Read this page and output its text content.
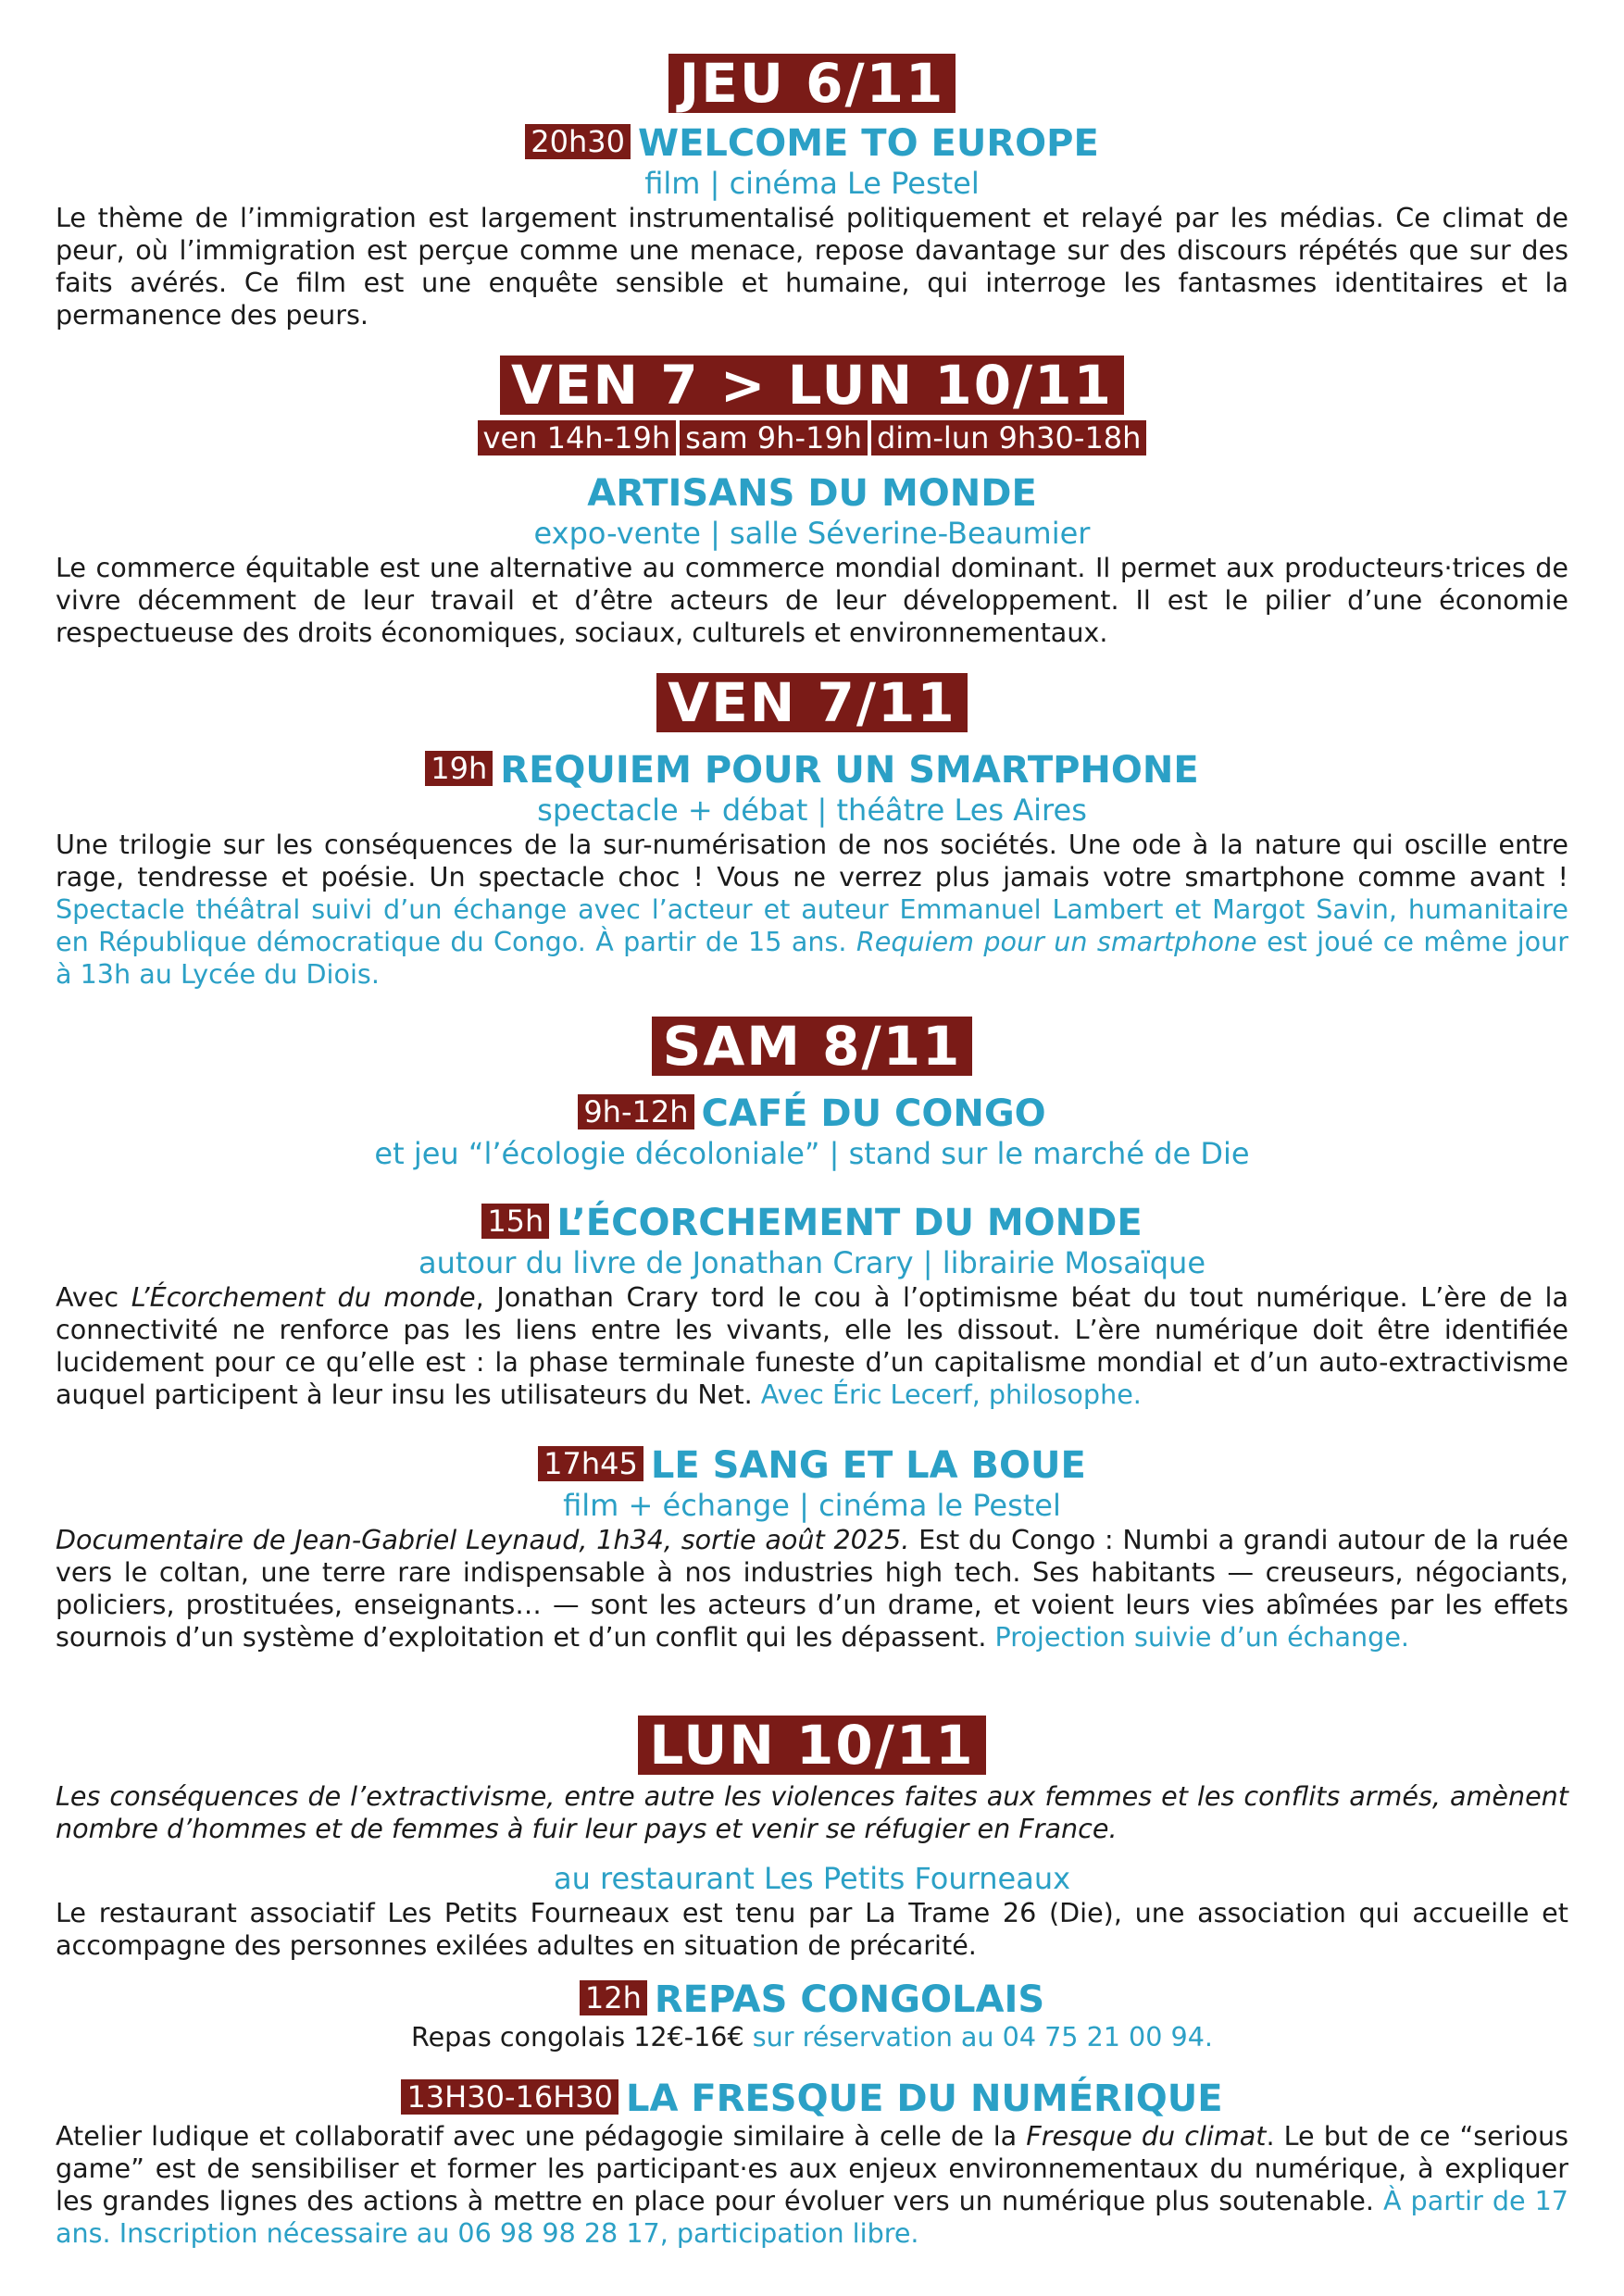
JEU 6/11
20h30 WELCOME TO EUROPE
film | cinéma Le Pestel
Le thème de l’immigration est largement instrumentalisé politiquement et relayé par les médias. Ce climat de peur, où l’immigration est perçue comme une menace, repose davantage sur des discours répétés que sur des faits avérés. Ce film est une enquête sensible et humaine, qui interroge les fantasmes identitaires et la permanence des peurs.
VEN 7 > LUN 10/11
ven 14h-19h sam 9h-19h dim-lun 9h30-18h
ARTISANS DU MONDE
expo-vente | salle Séverine-Beaumier
Le commerce équitable est une alternative au commerce mondial dominant. Il permet aux producteurs·trices de vivre décemment de leur travail et d’être acteurs de leur développement. Il est le pilier d’une économie respectueuse des droits économiques, sociaux, culturels et environnementaux.
VEN 7/11
19h REQUIEM POUR UN SMARTPHONE
spectacle + débat | théâtre Les Aires
Une trilogie sur les conséquences de la sur-numérisation de nos sociétés. Une ode à la nature qui oscille entre rage, tendresse et poésie. Un spectacle choc ! Vous ne verrez plus jamais votre smartphone comme avant ! Spectacle théâtral suivi d’un échange avec l’acteur et auteur Emmanuel Lambert et Margot Savin, humanitaire en République démocratique du Congo. À partir de 15 ans. Requiem pour un smartphone est joué ce même jour à 13h au Lycée du Diois.
SAM 8/11
9h-12h CAFÉ DU CONGO
et jeu “l’écologie décoloniale” | stand sur le marché de Die
15h L’ÉCORCHEMENT DU MONDE
autour du livre de Jonathan Crary | librairie Mosaïque
Avec L’Écorchement du monde, Jonathan Crary tord le cou à l’optimisme béat du tout numérique. L’ère de la connectivité ne renforce pas les liens entre les vivants, elle les dissout. L’ère numérique doit être identifiée lucidement pour ce qu’elle est : la phase terminale funeste d’un capitalisme mondial et d’un auto-extractivisme auquel participent à leur insu les utilisateurs du Net. Avec Éric Lecerf, philosophe.
17h45 LE SANG ET LA BOUE
film + échange | cinéma le Pestel
Documentaire de Jean-Gabriel Leynaud, 1h34, sortie août 2025. Est du Congo : Numbi a grandi autour de la ruée vers le coltan, une terre rare indispensable à nos industries high tech. Ses habitants — creuseurs, négociants, policiers, prostituées, enseignants… — sont les acteurs d’un drame, et voient leurs vies abîmées par les effets sournois d’un système d’exploitation et d’un conflit qui les dépassent. Projection suivie d’un échange.
LUN 10/11
Les conséquences de l’extractivisme, entre autre les violences faites aux femmes et les conflits armés, amènent nombre d’hommes et de femmes à fuir leur pays et venir se réfugier en France.
au restaurant Les Petits Fourneaux
Le restaurant associatif Les Petits Fourneaux est tenu par La Trame 26 (Die), une association qui accueille et accompagne des personnes exilées adultes en situation de précarité.
12h REPAS CONGOLAIS
Repas congolais 12€-16€ sur réservation au 04 75 21 00 94.
13H30-16H30 LA FRESQUE DU NUMÉRIQUE
Atelier ludique et collaboratif avec une pédagogie similaire à celle de la Fresque du climat. Le but de ce “serious game” est de sensibiliser et former les participant·es aux enjeux environnementaux du numérique, à expliquer les grandes lignes des actions à mettre en place pour évoluer vers un numérique plus soutenable. À partir de 17 ans. Inscription nécessaire au 06 98 98 28 17, participation libre.
